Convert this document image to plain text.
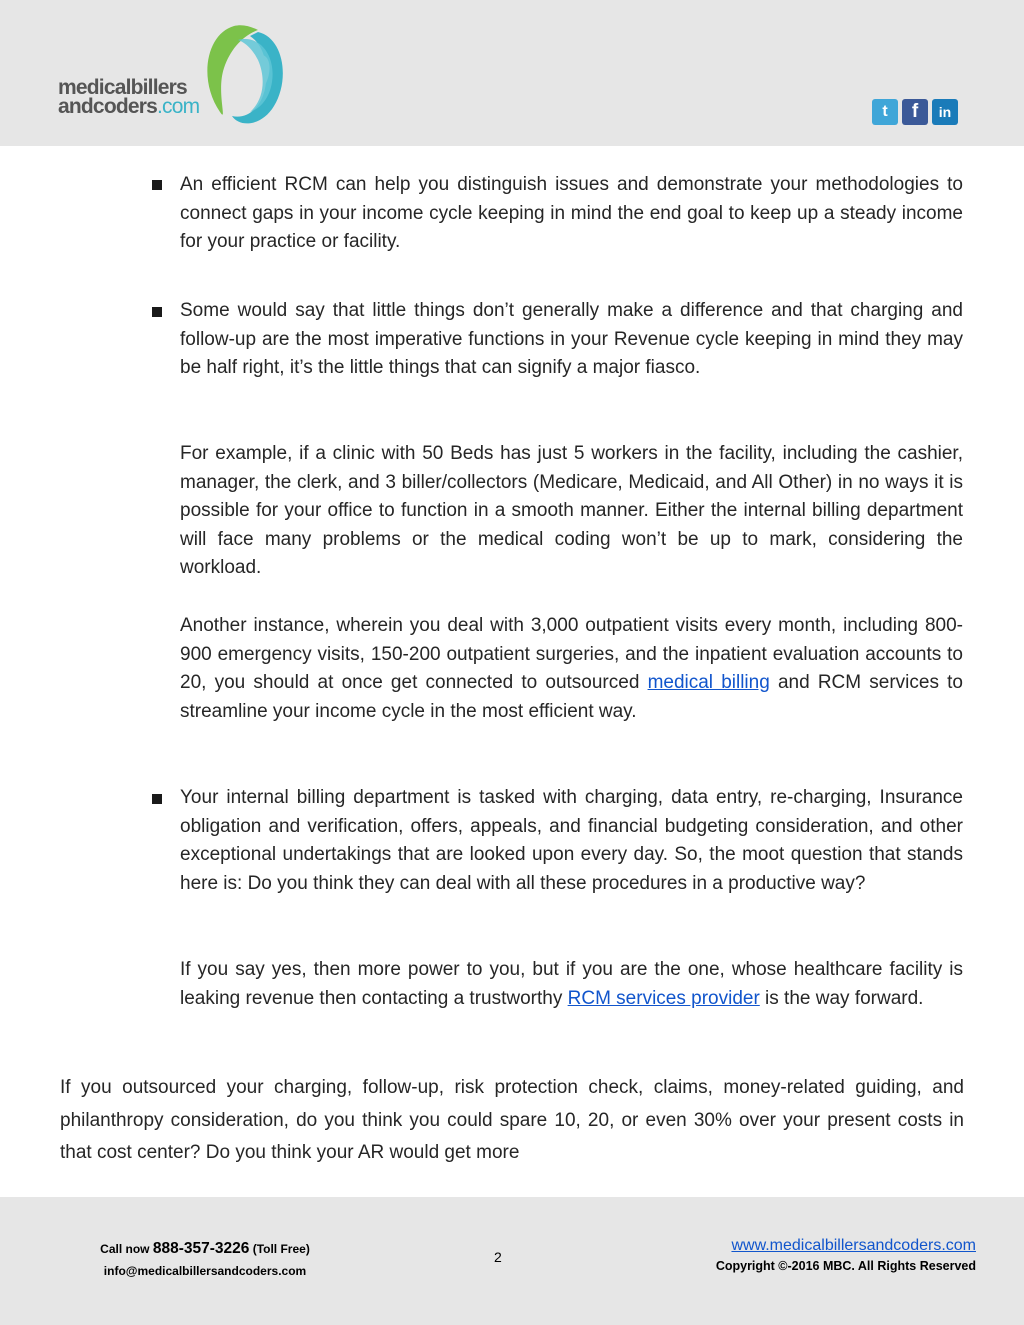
medicalbillers
andcoders.com	t	f	in

An efficient RCM can help you distinguish issues and demonstrate your methodologies to connect gaps in your income cycle keeping in mind the end goal to keep up a steady income for your practice or facility.

Some would say that little things don’t generally make a difference and that charging and follow-up are the most imperative functions in your Revenue cycle keeping in mind they may be half right, it’s the little things that can signify a major fiasco.

For example, if a clinic with 50 Beds has just 5 workers in the facility, including the cashier, manager, the clerk, and 3 biller/collectors (Medicare, Medicaid, and All Other) in no ways it is possible for your office to function in a smooth manner. Either the internal billing department will face many problems or the medical coding won’t be up to mark, considering the workload.

Another instance, wherein you deal with 3,000 outpatient visits every month, including 800-900 emergency visits, 150-200 outpatient surgeries, and the inpatient evaluation accounts to 20, you should at once get connected to outsourced medical billing and RCM services to streamline your income cycle in the most efficient way.

Your internal billing department is tasked with charging, data entry, re-charging, Insurance obligation and verification, offers, appeals, and financial budgeting consideration, and other exceptional undertakings that are looked upon every day. So, the moot question that stands here is: Do you think they can deal with all these procedures in a productive way?

If you say yes, then more power to you, but if you are the one, whose healthcare facility is leaking revenue then contacting a trustworthy RCM services provider is the way forward.

If you outsourced your charging, follow-up, risk protection check, claims, money-related guiding, and philanthropy consideration, do you think you could spare 10, 20, or even 30% over your present costs in that cost center? Do you think your AR would get more

Call now 888-357-3226 (Toll Free)
info@medicalbillersandcoders.com
2
www.medicalbillersandcoders.com
Copyright ©-2016 MBC. All Rights Reserved
